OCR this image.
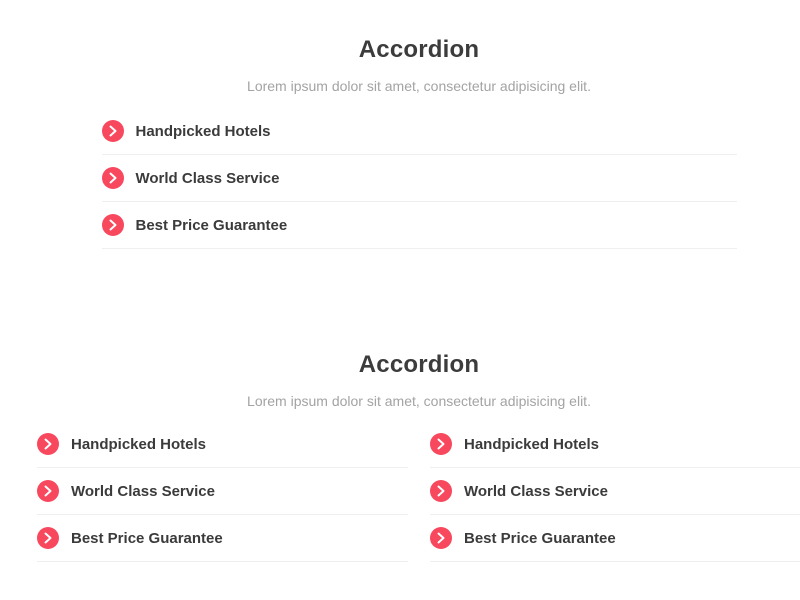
Accordion

Lorem ipsum dolor sit amet, consectetur adipisicing elit.

Handpicked Hotels
World Class Service
Best Price Guarantee
Accordion

Lorem ipsum dolor sit amet, consectetur adipisicing elit.

Handpicked Hotels
World Class Service
Best Price Guarantee
Handpicked Hotels
World Class Service
Best Price Guarantee
